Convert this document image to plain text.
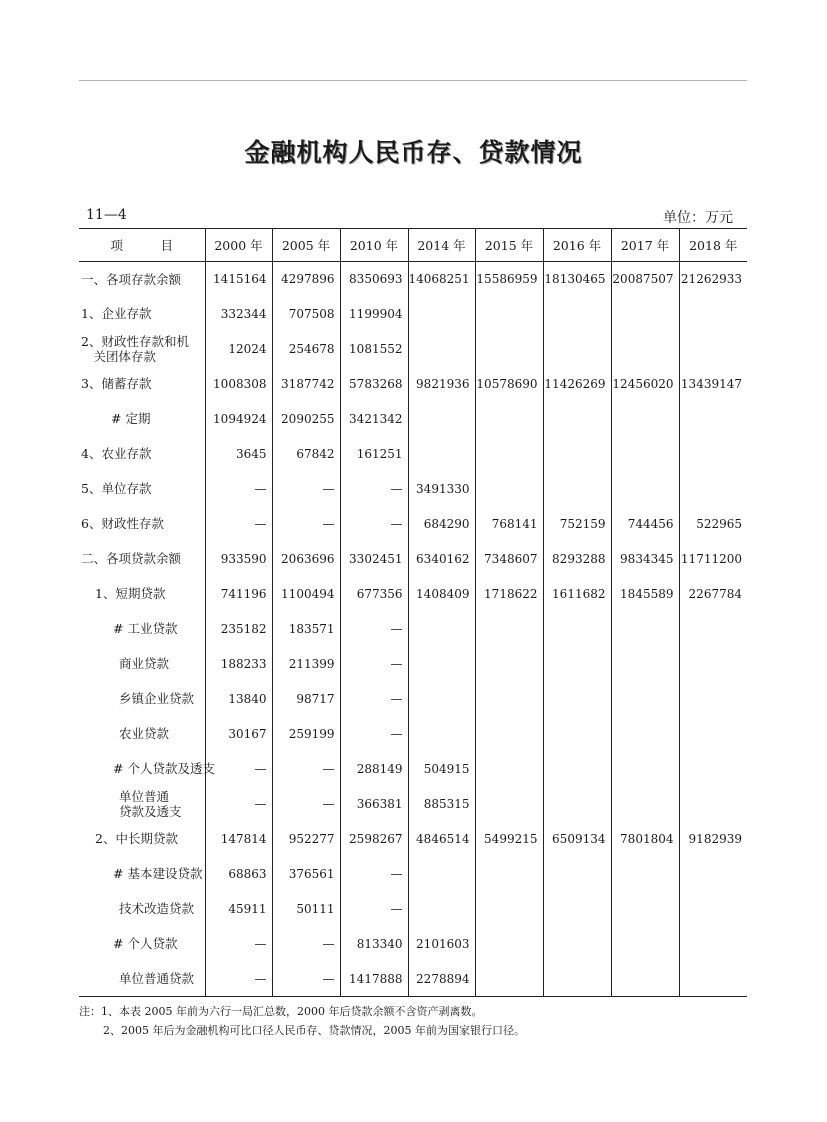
金融机构人民币存、贷款情况
11—4	单位：万元
项　　　目	2000 年	2005 年	2010 年	2014 年	2015 年	2016 年	2017 年	2018 年
一、各项存款余额	1415164	4297896	8350693	14068251	15586959	18130465	20087507	21262933
1、企业存款	332344	707508	1199904					
2、财政性存款和机
　关团体存款	12024	254678	1081552					
3、储蓄存款	1008308	3187742	5783268	9821936	10578690	11426269	12456020	13439147
# 定期	1094924	2090255	3421342					
4、农业存款	3645	67842	161251					
5、单位存款	—	—	—	3491330				
6、财政性存款	—	—	—	684290	768141	752159	744456	522965
二、各项贷款余额	933590	2063696	3302451	6340162	7348607	8293288	9834345	11711200
1、短期贷款	741196	1100494	677356	1408409	1718622	1611682	1845589	2267784
# 工业贷款	235182	183571	—					
商业贷款	188233	211399	—					
乡镇企业贷款	13840	98717	—					
农业贷款	30167	259199	—					
# 个人贷款及透支	—	—	288149	504915				
单位普通
贷款及透支	—	—	366381	885315				
2、中长期贷款	147814	952277	2598267	4846514	5499215	6509134	7801804	9182939
# 基本建设贷款	68863	376561	—					
技术改造贷款	45911	50111	—					
# 个人贷款	—	—	813340	2101603				
单位普通贷款	—	—	1417888	2278894				
注：1、本表 2005 年前为六行一局汇总数，2000 年后贷款余额不含资产剥离数。
2、2005 年后为金融机构可比口径人民币存、贷款情况，2005 年前为国家银行口径。
